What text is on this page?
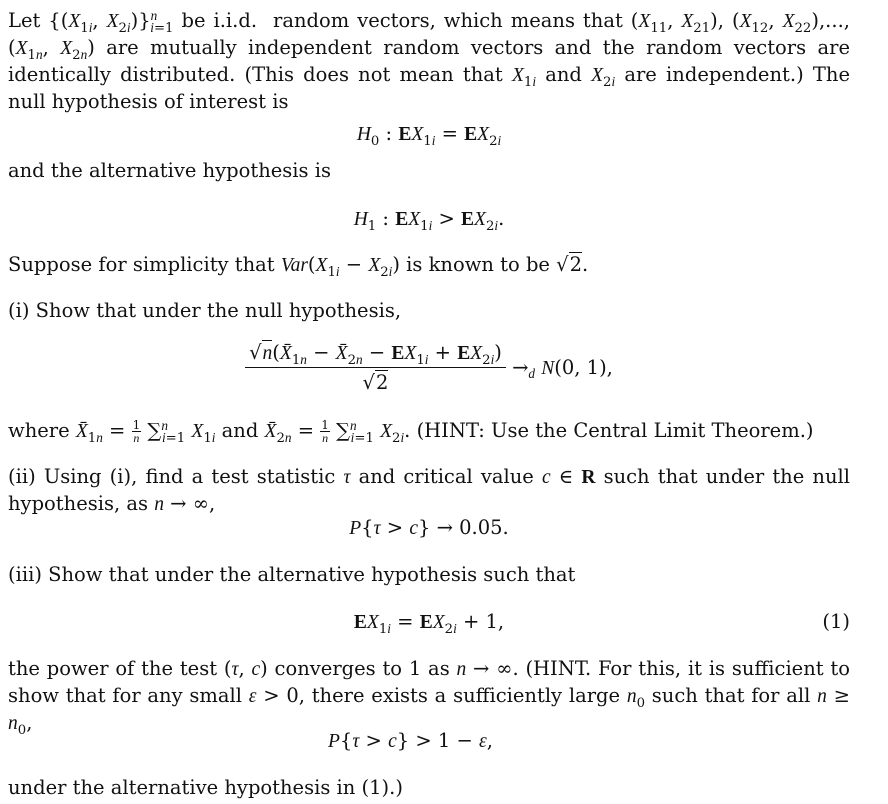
Let {($X_{1i}$, $X_{2i})\}^n_{i=1}$ be i.i.d.  random vectors, which means that ($X_{11}$, $X_{21}$), ($X_{12}$, $X_{22}$),..., ($X_{1n}$, $X_{2n}$) are mutually independent random vectors and the random vectors are identically distributed. (This does not mean that $X_{1i}$ and $X_{2i}$ are independent.) The null hypothesis of interest is

$H_0$ : $EX_{1i} = EX_{2i}$

and the alternative hypothesis is

$H_1$ : $EX_{1i} > EX_{2i}$.

Suppose for simplicity that $Var(X_{1i} - X_{2i})$ is known to be √2.

(i) Show that under the null hypothesis,

$\frac{√n(X̄_{1n} - X̄_{2n} - EX_{1i} + EX_{2i})}{√2} \to_d$ N(0, 1),

where $X̄_{1n} = \frac{1}{n} \sum^n_{i=1}$ $X_{1i}$ and $X̄_{2n} = \frac{1}{n} \sum^n_{i=1}$ $X_{2i}$. (HINT: Use the Central Limit Theorem.)

(ii) Using (i), find a test statistic τ and critical value c ∈ R such that under the null hypothesis, as n → ∞,

P{τ > c} → 0.05.

(iii) Show that under the alternative hypothesis such that

$EX_{1i} = EX_{2i} + 1$,	(1)

the power of the test (τ, c) converges to 1 as n → ∞. (HINT. For this, it is sufficient to show that for any small ε > 0, there exists a sufficiently large $n_0$ such that for all $n \ge n_0$,

P{τ > c} > 1 − ε,

under the alternative hypothesis in (1).)
